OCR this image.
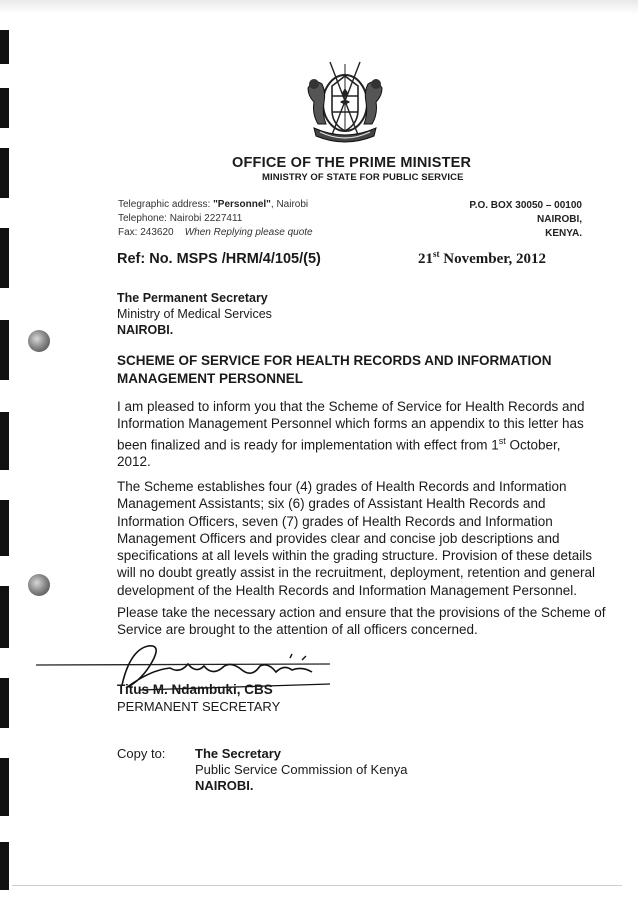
OFFICE OF THE PRIME MINISTER
MINISTRY OF STATE FOR PUBLIC SERVICE
Telegraphic address: "Personnel", Nairobi
Telephone: Nairobi 2227411
Fax: 243620 When Replying please quote
P.O. BOX 30050 – 00100
NAIROBI,
KENYA.
Ref: No. MSPS /HRM/4/105/(5)	21st November, 2012
The Permanent Secretary
Ministry of Medical Services
NAIROBI.
SCHEME OF SERVICE FOR HEALTH RECORDS AND INFORMATION MANAGEMENT PERSONNEL
I am pleased to inform you that the Scheme of Service for Health Records and
Information Management Personnel which forms an appendix to this letter has
been finalized and is ready for implementation with effect from 1st October,
2012.
The Scheme establishes four (4) grades of Health Records and Information
Management Assistants; six (6) grades of Assistant Health Records and
Information Officers, seven (7) grades of Health Records and Information
Management Officers and provides clear and concise job descriptions and
specifications at all levels within the grading structure. Provision of these details
will no doubt greatly assist in the recruitment, deployment, retention and general
development of the Health Records and Information Management Personnel.
Please take the necessary action and ensure that the provisions of the Scheme of
Service are brought to the attention of all officers concerned.
Titus M. Ndambuki, CBS
PERMANENT SECRETARY
Copy to: The Secretary
Public Service Commission of Kenya
NAIROBI.
